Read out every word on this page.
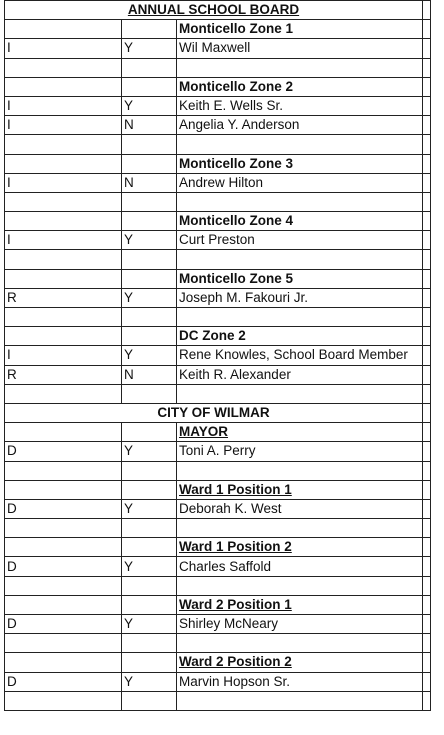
ANNUAL SCHOOL BOARD			
		Monticello Zone 1	
I	Y	Wil Maxwell	

		Monticello Zone 2	
I	Y	Keith E. Wells Sr.	
I	N	Angelia Y. Anderson	

		Monticello Zone 3	
I	N	Andrew Hilton	

		Monticello Zone 4	
I	Y	Curt Preston	

		Monticello Zone 5	
R	Y	Joseph M. Fakouri Jr.	

		DC Zone 2	
I	Y	Rene Knowles, School Board Member	
R	N	Keith R. Alexander	

CITY OF WILMAR			
		MAYOR	
D	Y	Toni A. Perry	

		Ward 1 Position 1	
D	Y	Deborah K. West	

		Ward 1 Position 2	
D	Y	Charles Saffold	

		Ward 2 Position 1	
D	Y	Shirley McNeary	

		Ward 2 Position 2	
D	Y	Marvin Hopson Sr.	
